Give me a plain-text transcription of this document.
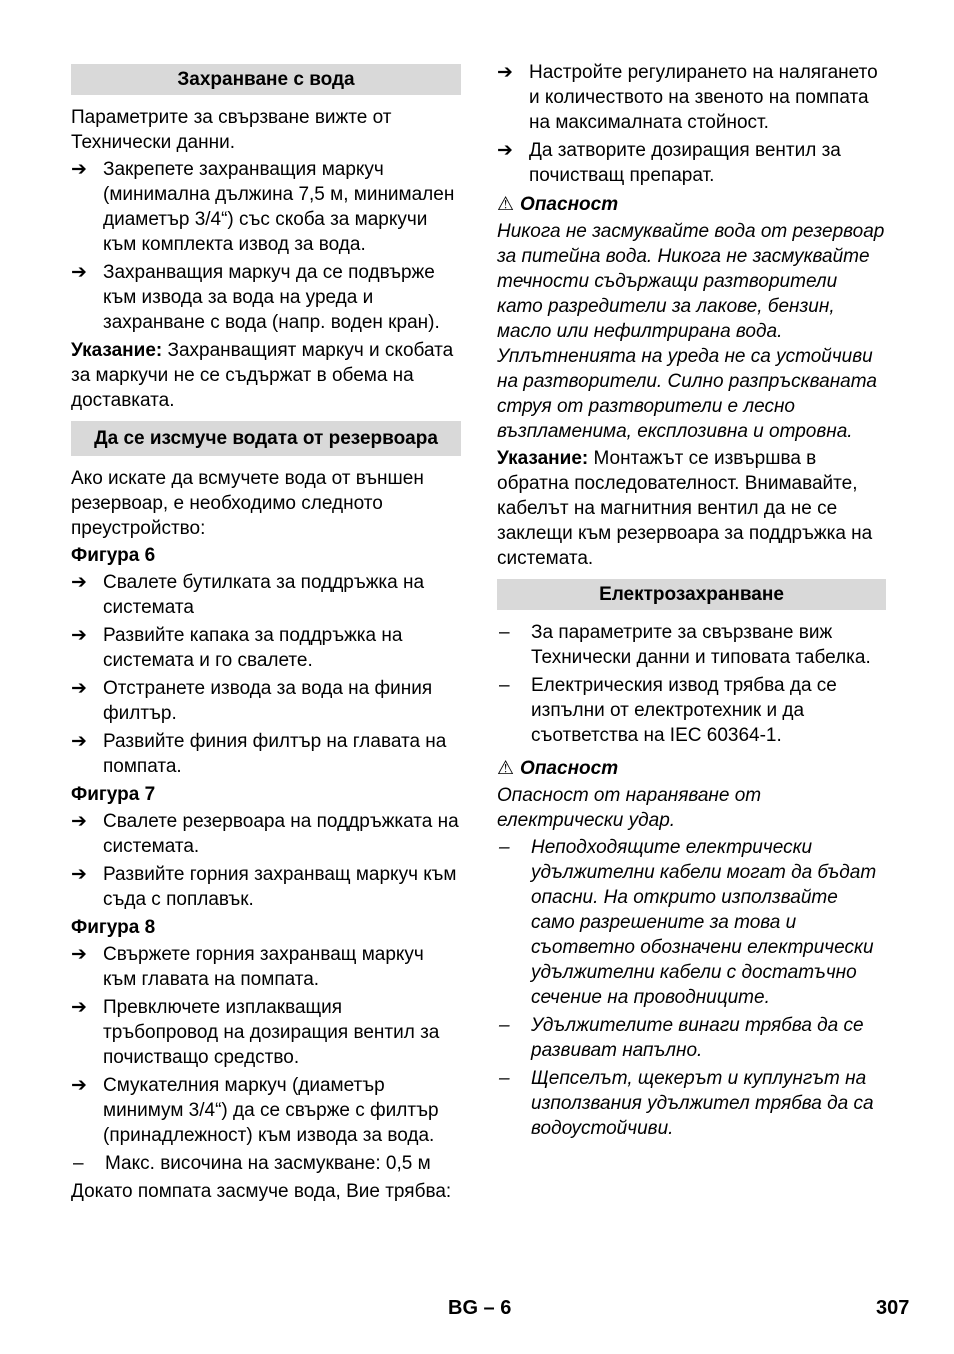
Захранване с вода

Параметрите за свързване вижте от Технически данни.

➔ Закрепете захранващия маркуч (минимална дължина 7,5 м, минимален диаметър 3/4“) със скоба за маркучи към комплекта извод за вода.
➔ Захранващия маркуч да се подвържe към извода за вода на уреда и захранване с вода (напр. воден кран).

Указание: Захранващият маркуч и скобата за маркучи не се съдържат в обема на доставката.

Да се изсмуче водата от резервоара

Ако искате да всмучете вода от външен резервоар, е необходимо следното преустройство:

Фигура 6

➔ Свалете бутилката за поддръжка на системата
➔ Развийте капака за поддръжка на системата и го свалете.
➔ Отстранете извода за вода на финия филтър.
➔ Развийте финия филтър на главата на помпата.

Фигура 7

➔ Свалете резервоара на поддръжката на системата.
➔ Развийте горния захранващ маркуч към съда с поплавък.

Фигура 8

➔ Свържете горния захранващ маркуч към главата на помпата.
➔ Превключете изплакващия тръбопровод на дозиращия вентил за почистващо средство.
➔ Смукателния маркуч (диаметър минимум 3/4“) да се свърже с филтър (принадлежност) към извода за вода.
–	Макс. височина на засмукване: 0,5 м

Докато помпата засмуче вода, Вие трябва:

➔ Настройте регулирането на налягането и количеството на звеното на помпата на максималната стойност.
➔ Да затворите дозиращия вентил за почистващ препарат.

⚠ Опасност

Никога не засмуквайте вода от резервоар за питейна вода. Никога не засмуквайте течности съдържащи разтворители като разредители за лакове, бензин, масло или нефилтрирана вода. Уплътненията на уреда не са устойчиви на разтворители. Силно разпръскваната струя от разтворители е лесно възпламенима, експлозивна и отровна.

Указание: Монтажът се извършва в обратна последователност. Внимавайте, кабелът на магнитния вентил да не се заклещи към резервоара за поддръжка на системата.

Електрозахранване
–	За параметрите за свързване виж Технически данни и типовата табелка.
–	Електрическия извод трябва да се изпълни от електротехник и да съответства на IEC 60364-1.

⚠ Опасност

Опасност от нараняване от електрически удар.

–	Неподходящите електрически удължителни кабели могат да бъдат опасни. На открито използвайте само разрешените за това и съответно обозначени електрически удължителни кабели с достатъчно сечение на проводниците.
–	Удължителите винаги трябва да се развиват напълно.
–	Щепселът, щекерът и куплунгът на използвания удължител трябва да са водоустойчиви.
BG – 6	307
